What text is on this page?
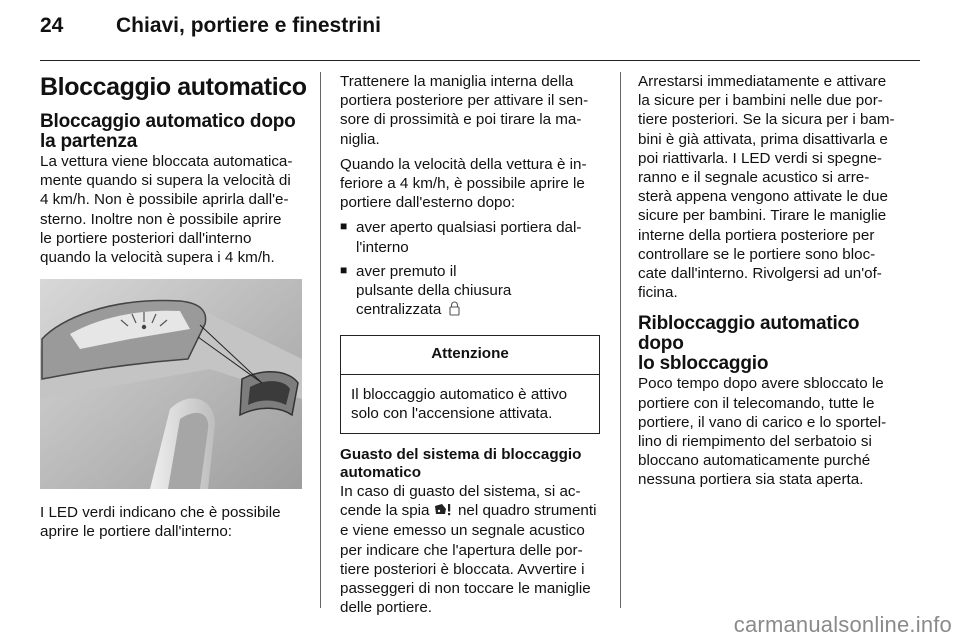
24	Chiavi, portiere e finestrini
Bloccaggio automatico
Bloccaggio automatico dopo la partenza

La vettura viene bloccata automatica-
mente quando si supera la velocità di
4 km/h. Non è possibile aprirla dall'e-
sterno. Inoltre non è possibile aprire
le portiere posteriori dall'interno
quando la velocità supera i 4 km/h.

I LED verdi indicano che è possibile
aprire le portiere dall'interno:

Trattenere la maniglia interna della
portiera posteriore per attivare il sen-
sore di prossimità e poi tirare la ma-
niglia.

Quando la velocità della vettura è in-
feriore a 4 km/h, è possibile aprire le
portiere dall'esterno dopo:

■ aver aperto qualsiasi portiera dal-
l'interno
■ aver premuto il
pulsante della chiusura
centralizzata
Attenzione
Il bloccaggio automatico è attivo
solo con l'accensione attivata.
Guasto del sistema di bloccaggio
automatico

In caso di guasto del sistema, si ac-
cende la spia nel quadro strumenti
e viene emesso un segnale acustico
per indicare che l'apertura delle por-
tiere posteriori è bloccata. Avvertire i
passeggeri di non toccare le maniglie
delle portiere.

Arrestarsi immediatamente e attivare
la sicure per i bambini nelle due por-
tiere posteriori. Se la sicura per i bam-
bini è già attivata, prima disattivarla e
poi riattivarla. I LED verdi si spegne-
ranno e il segnale acustico si arre-
sterà appena vengono attivate le due
sicure per bambini. Tirare le maniglie
interne della portiera posteriore per
controllare se le portiere sono bloc-
cate dall'interno. Rivolgersi ad un'of-
ficina.

Ribloccaggio automatico dopo
lo sbloccaggio

Poco tempo dopo avere sbloccato le
portiere con il telecomando, tutte le
portiere, il vano di carico e lo sportel-
lino di riempimento del serbatoio si
bloccano automaticamente purché
nessuna portiera sia stata aperta.

carmanualsonline.info
